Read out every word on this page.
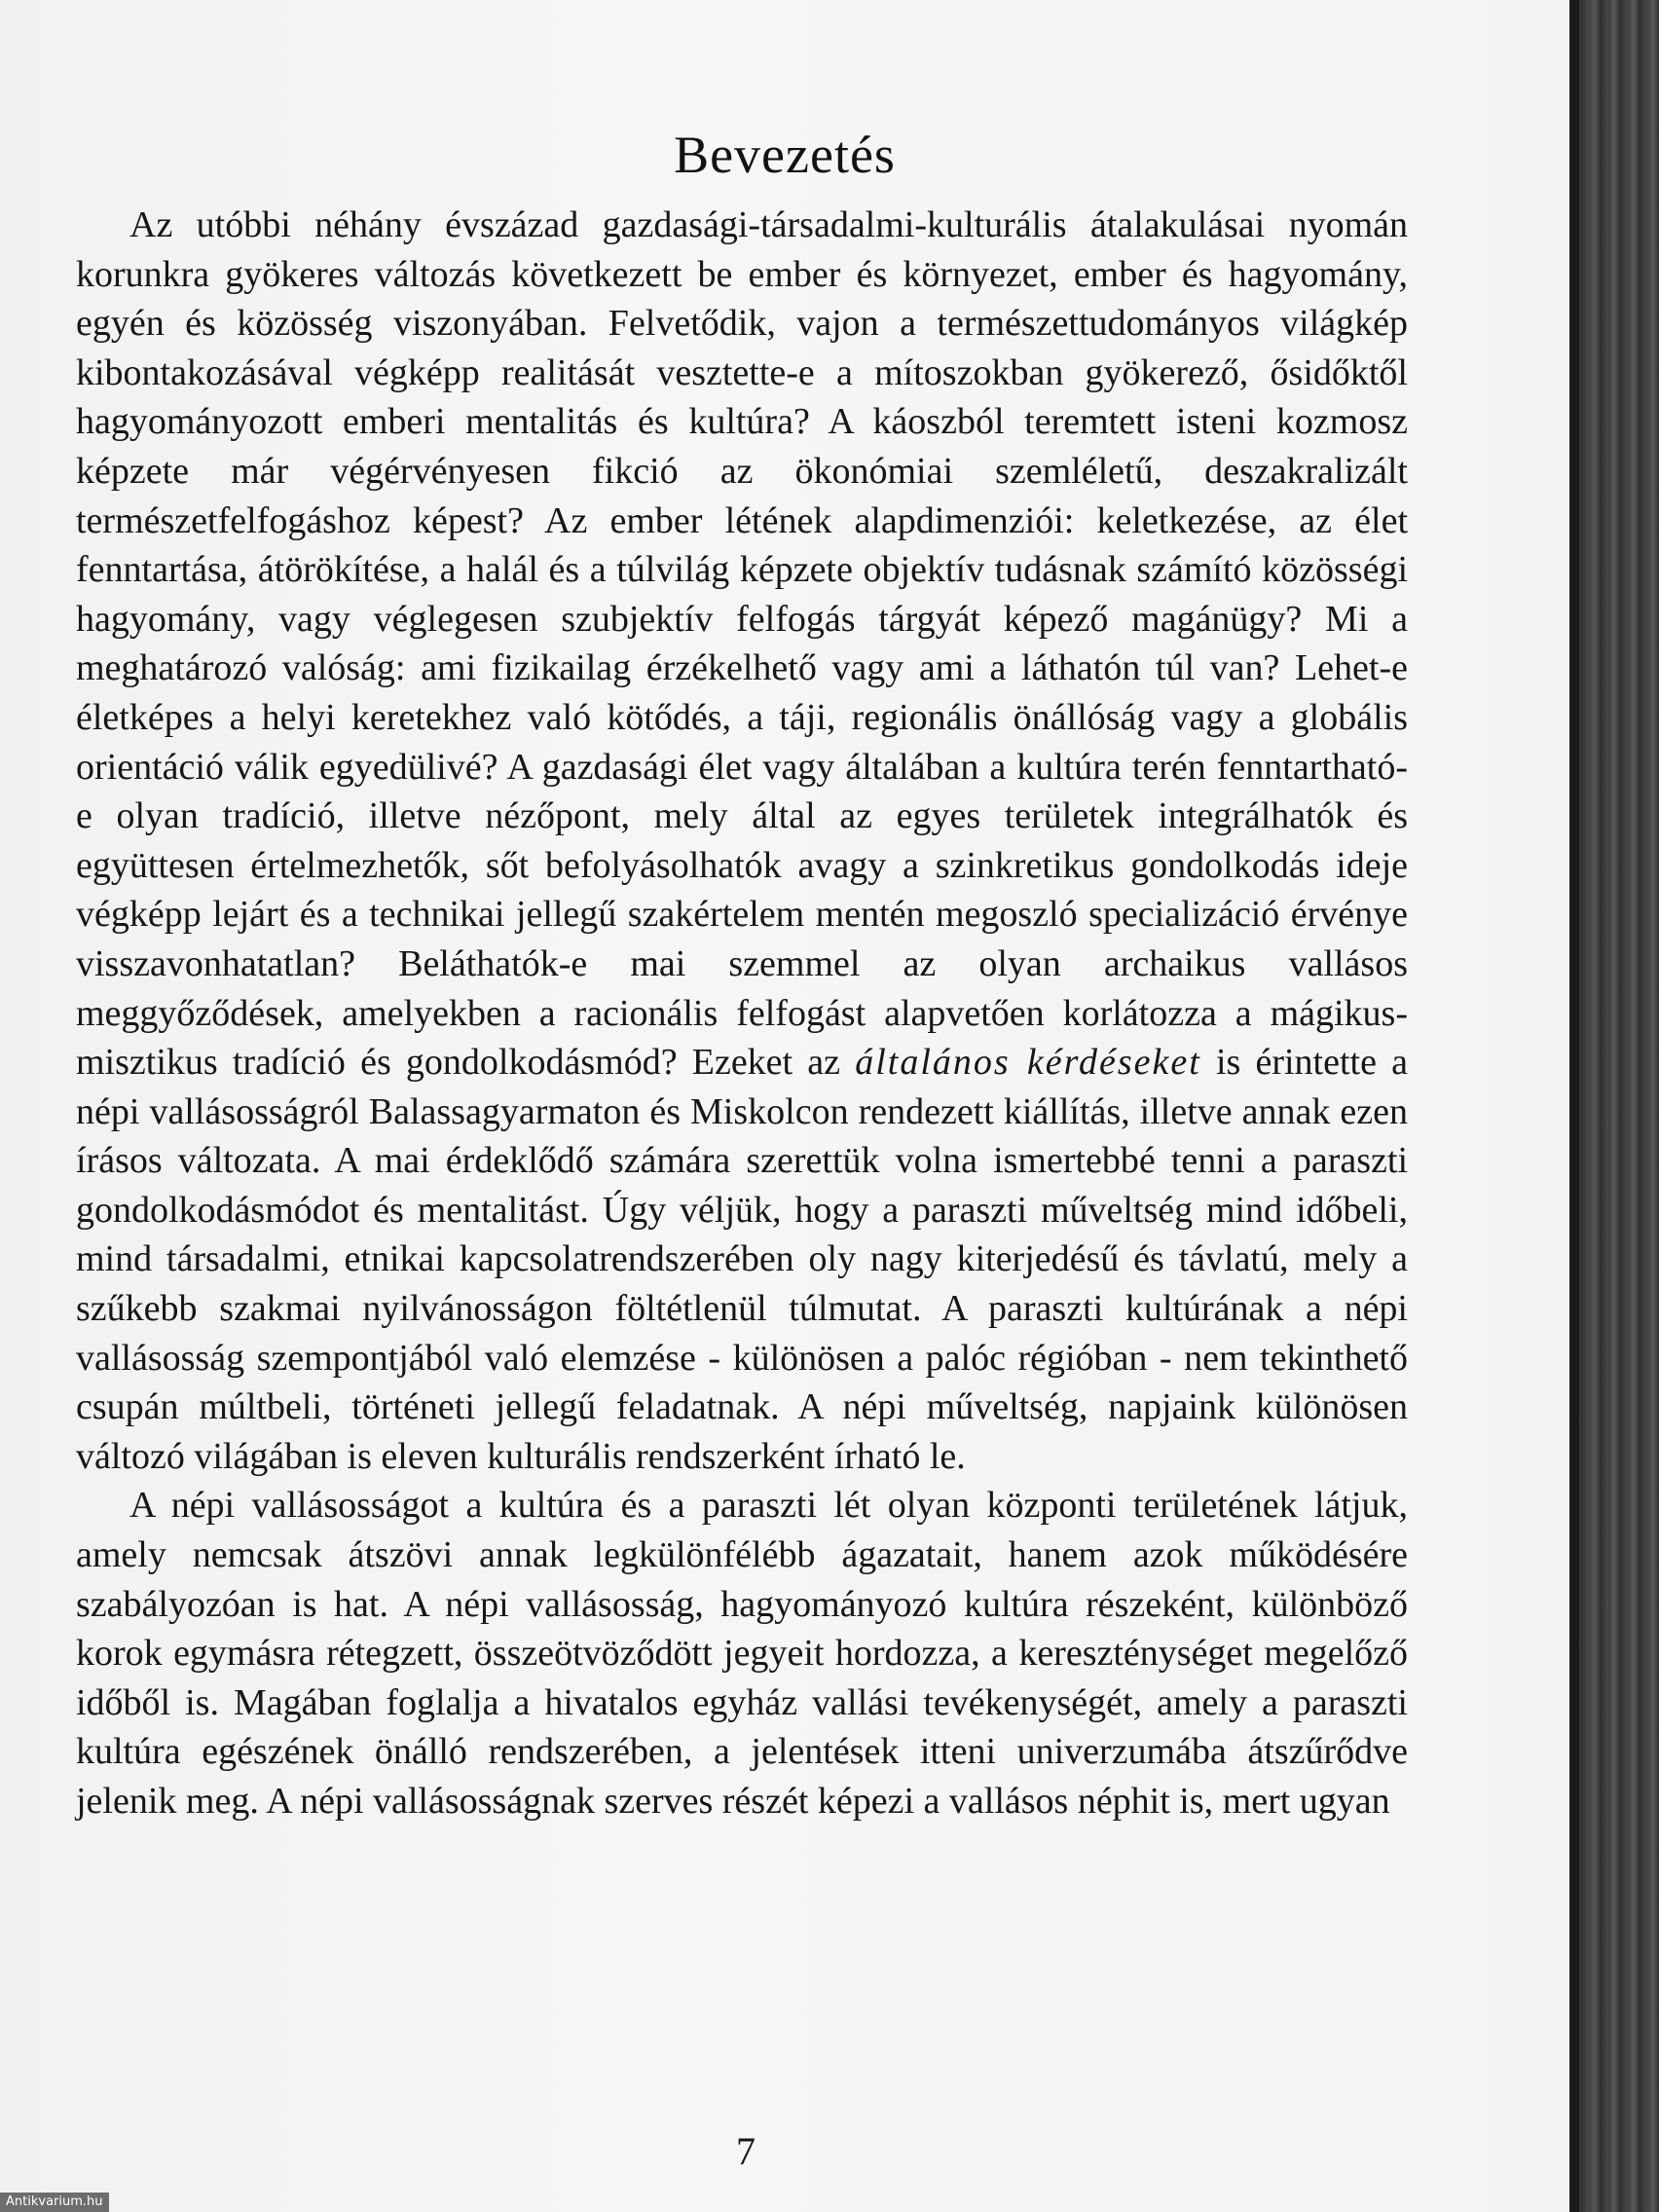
Bevezetés

Az utóbbi néhány évszázad gazdasági-társadalmi-kulturális átalakulásai nyomán korunkra gyökeres változás következett be ember és környezet, ember és hagyomány, egyén és közösség viszonyában. Felvetődik, vajon a természettudományos világkép kibontakozásával végképp realitását vesztette-e a mítoszokban gyökerező, ősidőktől hagyományozott emberi mentalitás és kultúra? A káoszból teremtett isteni kozmosz képzete már végérvényesen fikció az ökonómiai szemléletű, deszakralizált természetfelfogáshoz képest? Az ember létének alapdimenziói: keletkezése, az élet fenntartása, átörökítése, a halál és a túlvilág képzete objektív tudásnak számító közösségi hagyomány, vagy véglegesen szubjektív felfogás tárgyát képező magánügy? Mi a meghatározó valóság: ami fizikailag érzékelhető vagy ami a láthatón túl van? Lehet-e életképes a helyi keretekhez való kötődés, a táji, regionális önállóság vagy a globális orientáció válik egyedülivé? A gazdasági élet vagy általában a kultúra terén fenntartható-e olyan tradíció, illetve nézőpont, mely által az egyes területek integrálhatók és együttesen értelmezhetők, sőt befolyásolhatók avagy a szinkretikus gondolkodás ideje végképp lejárt és a technikai jellegű szakértelem mentén megoszló specializáció érvénye visszavonhatatlan? Beláthatók-e mai szemmel az olyan archaikus vallásos meggyőződések, amelyekben a racionális felfogást alapvetően korlátozza a mágikus-misztikus tradíció és gondolkodásmód? Ezeket az általános kérdéseket is érintette a népi vallásosságról Balassagyarmaton és Miskolcon rendezett kiállítás, illetve annak ezen írásos változata. A mai érdeklődő számára szerettük volna ismertebbé tenni a paraszti gondolkodásmódot és mentalitást. Úgy véljük, hogy a paraszti műveltség mind időbeli, mind társadalmi, etnikai kapcsolatrendszerében oly nagy kiterjedésű és távlatú, mely a szűkebb szakmai nyilvánosságon föltétlenül túlmutat. A paraszti kultúrának a népi vallásosság szempontjából való elemzése - különösen a palóc régióban - nem tekinthető csupán múltbeli, történeti jellegű feladatnak. A népi műveltség, napjaink különösen változó világában is eleven kulturális rendszerként írható le.

A népi vallásosságot a kultúra és a paraszti lét olyan központi területének látjuk, amely nemcsak átszövi annak legkülönfélébb ágazatait, hanem azok működésére szabályozóan is hat. A népi vallásosság, hagyományozó kultúra részeként, különböző korok egymásra rétegzett, összeötvöződött jegyeit hordozza, a kereszténységet megelőző időből is. Magában foglalja a hivatalos egyház vallási tevékenységét, amely a paraszti kultúra egészének önálló rendszerében, a jelentések itteni univerzumába átszűrődve jelenik meg. A népi vallásosságnak szerves részét képezi a vallásos néphit is, mert ugyan

7
Antikvarium.hu
